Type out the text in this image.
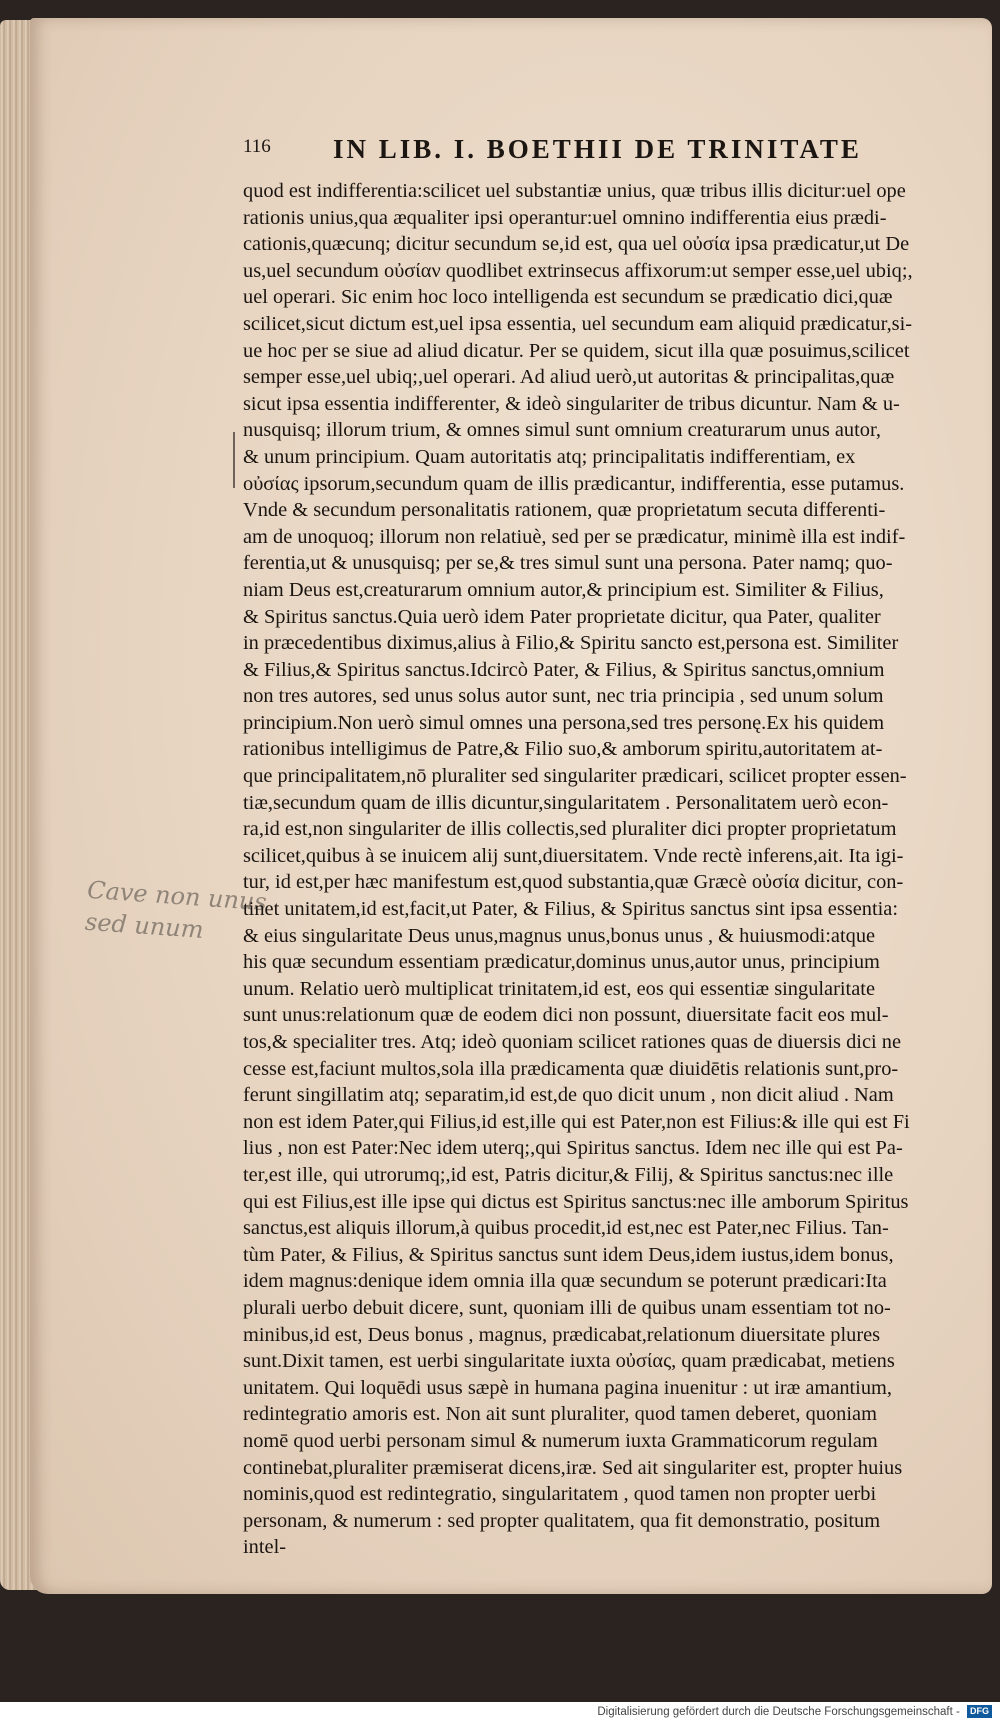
116 IN LIB. I. BOETHII DE TRINITATE
Cave non unus
sed unum
quod est indifferentia:scilicet uel substantiæ unius, quæ tribus illis dicitur:uel ope
rationis unius,qua æqualiter ipsi operantur:uel omnino indifferentia eius prædi-
cationis,quæcunq; dicitur secundum se,id est, qua uel οὐσία ipsa prædicatur,ut De
us,uel secundum οὐσίαν quodlibet extrinsecus affixorum:ut semper esse,uel ubiq;,
uel operari. Sic enim hoc loco intelligenda est secundum se prædicatio dici,quæ
scilicet,sicut dictum est,uel ipsa essentia, uel secundum eam aliquid prædicatur,si-
ue hoc per se siue ad aliud dicatur. Per se quidem, sicut illa quæ posuimus,scilicet
semper esse,uel ubiq;,uel operari. Ad aliud uerò,ut autoritas & principalitas,quæ
sicut ipsa essentia indifferenter, & ideò singulariter de tribus dicuntur. Nam & u-
nusquisq; illorum trium, & omnes simul sunt omnium creaturarum unus autor,
& unum principium. Quam autoritatis atq; principalitatis indifferentiam, ex
οὐσίας ipsorum,secundum quam de illis prædicantur, indifferentia, esse putamus.
Vnde & secundum personalitatis rationem, quæ proprietatum secuta differenti-
am de unoquoq; illorum non relatiuè, sed per se prædicatur, minimè illa est indif-
ferentia,ut & unusquisq; per se,& tres simul sunt una persona. Pater namq; quo-
niam Deus est,creaturarum omnium autor,& principium est. Similiter & Filius,
& Spiritus sanctus.Quia uerò idem Pater proprietate dicitur, qua Pater, qualiter
in præcedentibus diximus,alius à Filio,& Spiritu sancto est,persona est. Similiter
& Filius,& Spiritus sanctus.Idcircò Pater, & Filius, & Spiritus sanctus,omnium
non tres autores, sed unus solus autor sunt, nec tria principia , sed unum solum
principium.Non uerò simul omnes una persona,sed tres personę.Ex his quidem
rationibus intelligimus de Patre,& Filio suo,& amborum spiritu,autoritatem at-
que principalitatem,nō pluraliter sed singulariter prædicari, scilicet propter essen-
tiæ,secundum quam de illis dicuntur,singularitatem . Personalitatem uerò econ-
ra,id est,non singulariter de illis collectis,sed pluraliter dici propter proprietatum
scilicet,quibus à se inuicem alij sunt,diuersitatem. Vnde rectè inferens,ait. Ita igi-
tur, id est,per hæc manifestum est,quod substantia,quæ Græcè οὐσία dicitur, con-
tinet unitatem,id est,facit,ut Pater, & Filius, & Spiritus sanctus sint ipsa essentia:
& eius singularitate Deus unus,magnus unus,bonus unus , & huiusmodi:atque
his quæ secundum essentiam prædicatur,dominus unus,autor unus, principium
unum. Relatio uerò multiplicat trinitatem,id est, eos qui essentiæ singularitate
sunt unus:relationum quæ de eodem dici non possunt, diuersitate facit eos mul-
tos,& specialiter tres. Atq; ideò quoniam scilicet rationes quas de diuersis dici ne
cesse est,faciunt multos,sola illa prædicamenta quæ diuidētis relationis sunt,pro-
ferunt singillatim atq; separatim,id est,de quo dicit unum , non dicit aliud . Nam
non est idem Pater,qui Filius,id est,ille qui est Pater,non est Filius:& ille qui est Fi
lius , non est Pater:Nec idem uterq;,qui Spiritus sanctus. Idem nec ille qui est Pa-
ter,est ille, qui utrorumq;,id est, Patris dicitur,& Filij, & Spiritus sanctus:nec ille
qui est Filius,est ille ipse qui dictus est Spiritus sanctus:nec ille amborum Spiritus
sanctus,est aliquis illorum,à quibus procedit,id est,nec est Pater,nec Filius. Tan-
tùm Pater, & Filius, & Spiritus sanctus sunt idem Deus,idem iustus,idem bonus,
idem magnus:denique idem omnia illa quæ secundum se poterunt prædicari:Ita
plurali uerbo debuit dicere, sunt, quoniam illi de quibus unam essentiam tot no-
minibus,id est, Deus bonus , magnus, prædicabat,relationum diuersitate plures
sunt.Dixit tamen, est uerbi singularitate iuxta οὐσίας, quam prædicabat, metiens
unitatem. Qui loquēdi usus sæpè in humana pagina inuenitur : ut iræ amantium,
redintegratio amoris est. Non ait sunt pluraliter, quod tamen deberet, quoniam
nomē quod uerbi personam simul & numerum iuxta Grammaticorum regulam
continebat,pluraliter præmiserat dicens,iræ. Sed ait singulariter est, propter huius
nominis,quod est redintegratio, singularitatem , quod tamen non propter uerbi
personam, & numerum : sed propter qualitatem, qua fit demonstratio, positum
intel-
Digitalisierung gefördert durch die Deutsche Forschungsgemeinschaft - DFG
